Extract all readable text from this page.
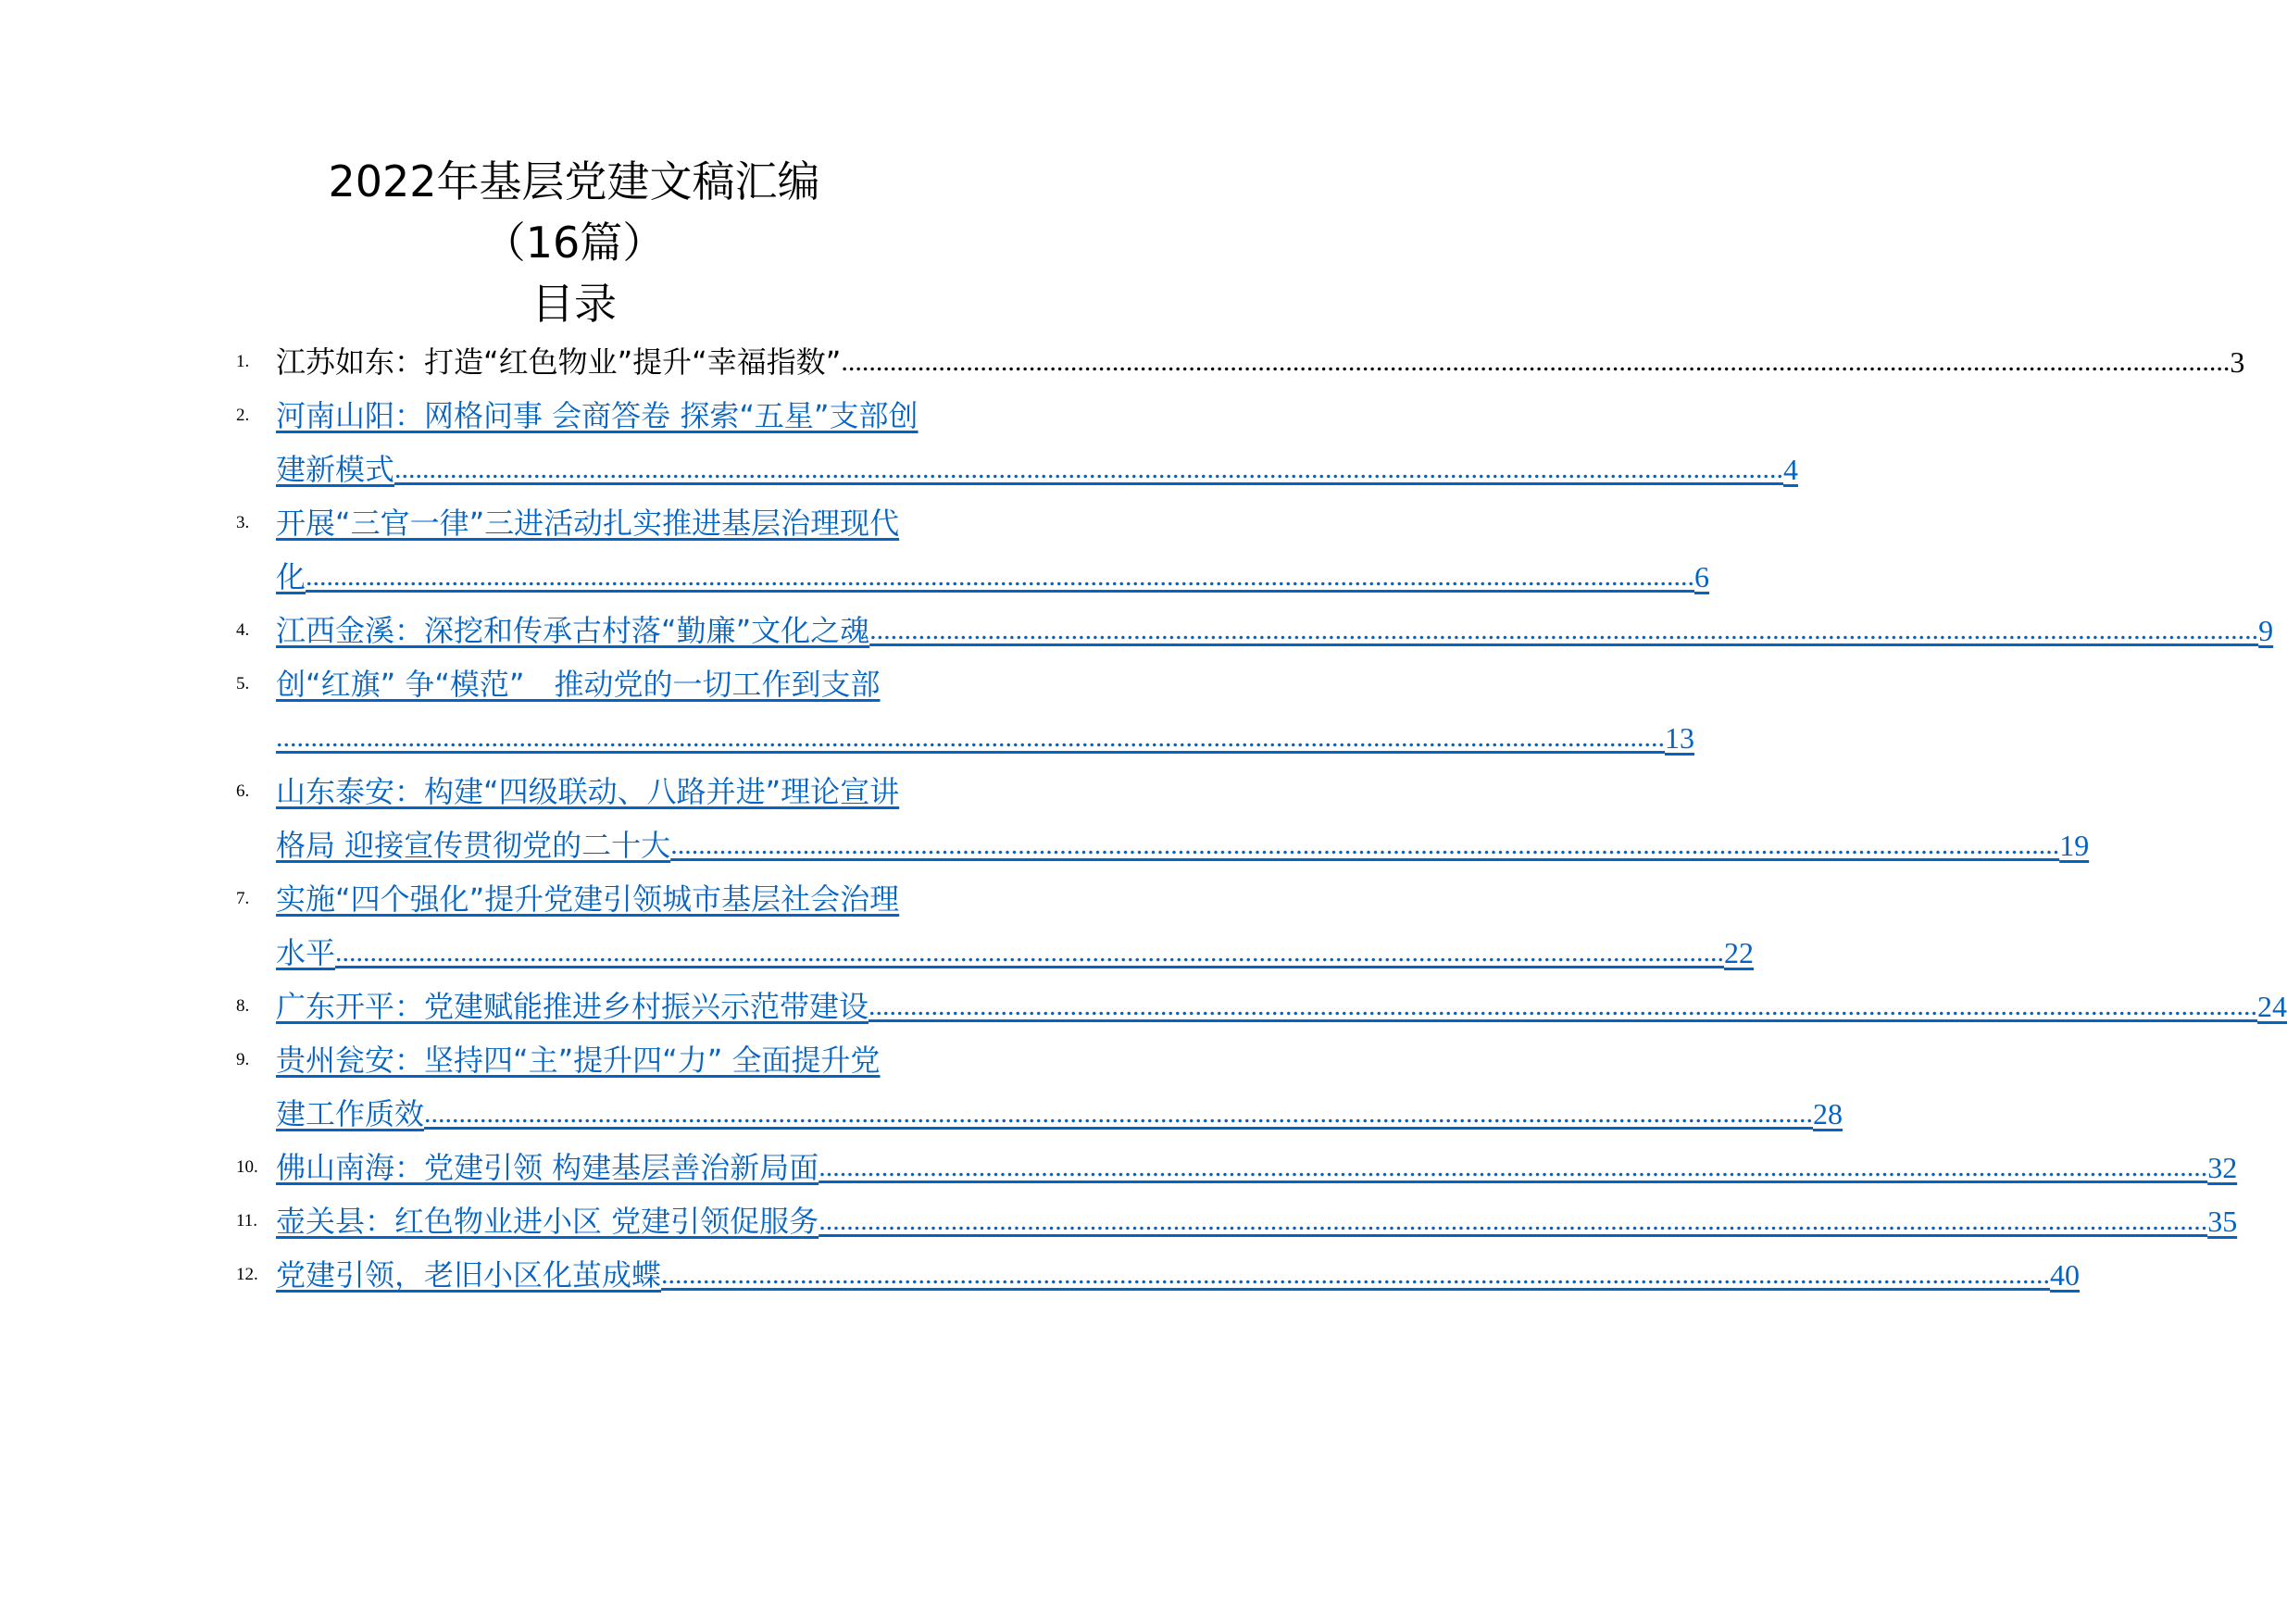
2022年基层党建文稿汇编
（16篇）
目录
1. 江苏如东：打造“红色物业”提升“幸福指数” ........................................................................................................................................................................................................ 3
2. 河南山阳：网格问事 会商答卷 探索“五星”支部创
建新模式 ........................................................................................................................................................................................................ 4
3. 开展“三官一律”三进活动扎实推进基层治理现代
化 ........................................................................................................................................................................................................ 6
4. 江西金溪：深挖和传承古村落“勤廉”文化之魂 ........................................................................................................................................................................................................ 9
5. 创“红旗” 争“模范”　推动党的一切工作到支部
........................................................................................................................................................................................................ 13
6. 山东泰安：构建“四级联动、八路并进”理论宣讲
格局 迎接宣传贯彻党的二十大 ........................................................................................................................................................................................................ 19
7. 实施“四个强化”提升党建引领城市基层社会治理
水平 ........................................................................................................................................................................................................ 22
8. 广东开平：党建赋能推进乡村振兴示范带建设 ........................................................................................................................................................................................................ 24
9. 贵州瓮安：坚持四“主”提升四“力” 全面提升党
建工作质效 ........................................................................................................................................................................................................ 28
10. 佛山南海：党建引领 构建基层善治新局面 ........................................................................................................................................................................................................ 32
11. 壶关县：红色物业进小区 党建引领促服务 ........................................................................................................................................................................................................ 35
12. 党建引领，老旧小区化茧成蝶 ........................................................................................................................................................................................................ 40
